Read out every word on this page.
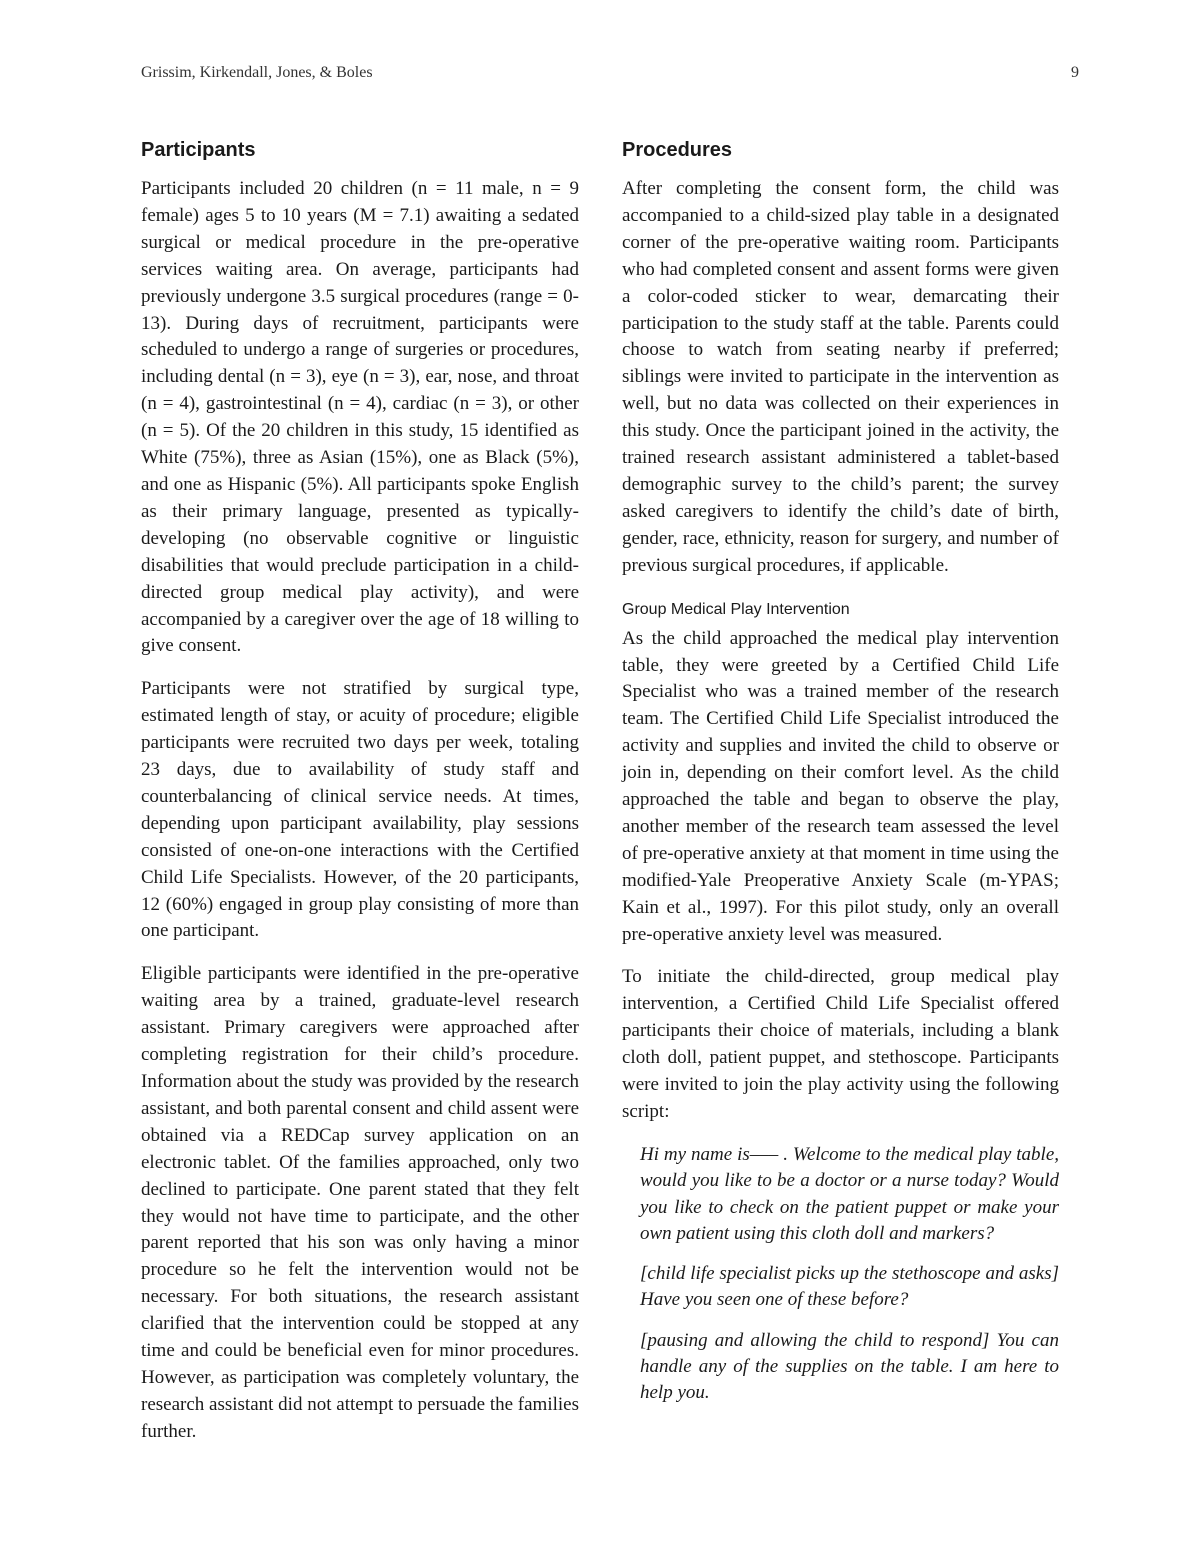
Grissim, Kirkendall, Jones, & Boles	9
Participants

Participants included 20 children (n = 11 male, n = 9 female) ages 5 to 10 years (M = 7.1) awaiting a sedated surgical or medical procedure in the pre-operative services waiting area. On average, participants had previously undergone 3.5 surgical procedures (range = 0-13). During days of recruitment, participants were scheduled to undergo a range of surgeries or procedures, including dental (n = 3), eye (n = 3), ear, nose, and throat (n = 4), gastrointestinal (n = 4), cardiac (n = 3), or other (n = 5). Of the 20 children in this study, 15 identified as White (75%), three as Asian (15%), one as Black (5%), and one as Hispanic (5%). All participants spoke English as their primary language, presented as typically-developing (no observable cognitive or linguistic disabilities that would preclude participation in a child-directed group medical play activity), and were accompanied by a caregiver over the age of 18 willing to give consent.

Participants were not stratified by surgical type, estimated length of stay, or acuity of procedure; eligible participants were recruited two days per week, totaling 23 days, due to availability of study staff and counterbalancing of clinical service needs. At times, depending upon participant availability, play sessions consisted of one-on-one interactions with the Certified Child Life Specialists. However, of the 20 participants, 12 (60%) engaged in group play consisting of more than one participant.

Eligible participants were identified in the pre-operative waiting area by a trained, graduate-level research assistant. Primary caregivers were approached after completing registration for their child’s procedure. Information about the study was provided by the research assistant, and both parental consent and child assent were obtained via a REDCap survey application on an electronic tablet. Of the families approached, only two declined to participate. One parent stated that they felt they would not have time to participate, and the other parent reported that his son was only having a minor procedure so he felt the intervention would not be necessary. For both situations, the research assistant clarified that the intervention could be stopped at any time and could be beneficial even for minor procedures. However, as participation was completely voluntary, the research assistant did not attempt to persuade the families further.

Procedures

After completing the consent form, the child was accompanied to a child-sized play table in a designated corner of the pre-operative waiting room. Participants who had completed consent and assent forms were given a color-coded sticker to wear, demarcating their participation to the study staff at the table. Parents could choose to watch from seating nearby if preferred; siblings were invited to participate in the intervention as well, but no data was collected on their experiences in this study. Once the participant joined in the activity, the trained research assistant administered a tablet-based demographic survey to the child’s parent; the survey asked caregivers to identify the child’s date of birth, gender, race, ethnicity, reason for surgery, and number of previous surgical procedures, if applicable.

Group Medical Play Intervention

As the child approached the medical play intervention table, they were greeted by a Certified Child Life Specialist who was a trained member of the research team. The Certified Child Life Specialist introduced the activity and supplies and invited the child to observe or join in, depending on their comfort level. As the child approached the table and began to observe the play, another member of the research team assessed the level of pre-operative anxiety at that moment in time using the modified-Yale Preoperative Anxiety Scale (m-YPAS; Kain et al., 1997). For this pilot study, only an overall pre-operative anxiety level was measured.

To initiate the child-directed, group medical play intervention, a Certified Child Life Specialist offered participants their choice of materials, including a blank cloth doll, patient puppet, and stethoscope. Participants were invited to join the play activity using the following script:

Hi my name is––– . Welcome to the medical play table, would you like to be a doctor or a nurse today? Would you like to check on the patient puppet or make your own patient using this cloth doll and markers?

[child life specialist picks up the stethoscope and asks] Have you seen one of these before?

[pausing and allowing the child to respond] You can handle any of the supplies on the table. I am here to help you.
